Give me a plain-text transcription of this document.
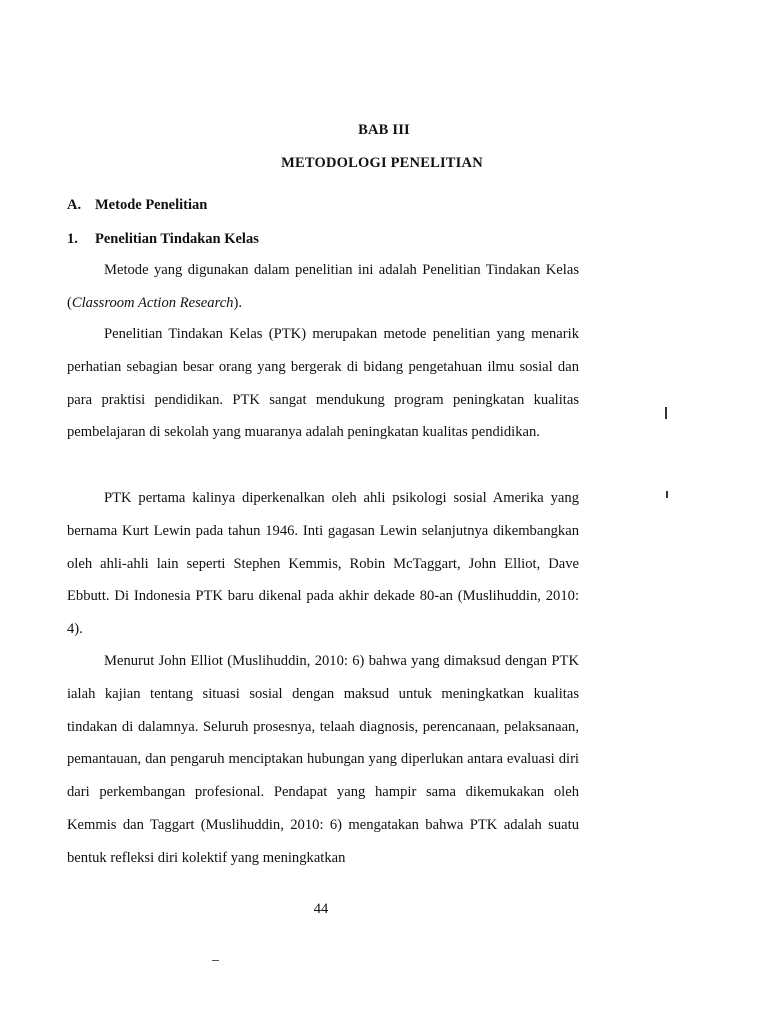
BAB III
METODOLOGI PENELITIAN
A. Metode Penelitian
1. Penelitian Tindakan Kelas

Metode yang digunakan dalam penelitian ini adalah Penelitian Tindakan Kelas (Classroom Action Research).

Penelitian Tindakan Kelas (PTK) merupakan metode penelitian yang menarik perhatian sebagian besar orang yang bergerak di bidang pengetahuan ilmu sosial dan para praktisi pendidikan. PTK sangat mendukung program peningkatan kualitas pembelajaran di sekolah yang muaranya adalah peningkatan kualitas pendidikan.

PTK pertama kalinya diperkenalkan oleh ahli psikologi sosial Amerika yang bernama Kurt Lewin pada tahun 1946. Inti gagasan Lewin selanjutnya dikembangkan oleh ahli-ahli lain seperti Stephen Kemmis, Robin McTaggart, John Elliot, Dave Ebbutt. Di Indonesia PTK baru dikenal pada akhir dekade 80-an (Muslihuddin, 2010: 4).

Menurut John Elliot (Muslihuddin, 2010: 6) bahwa yang dimaksud dengan PTK ialah kajian tentang situasi sosial dengan maksud untuk meningkatkan kualitas tindakan di dalamnya. Seluruh prosesnya, telaah diagnosis, perencanaan, pelaksanaan, pemantauan, dan pengaruh menciptakan hubungan yang diperlukan antara evaluasi diri dari perkembangan profesional. Pendapat yang hampir sama dikemukakan oleh Kemmis dan Taggart (Muslihuddin, 2010: 6) mengatakan bahwa PTK adalah suatu bentuk refleksi diri kolektif yang meningkatkan

44
